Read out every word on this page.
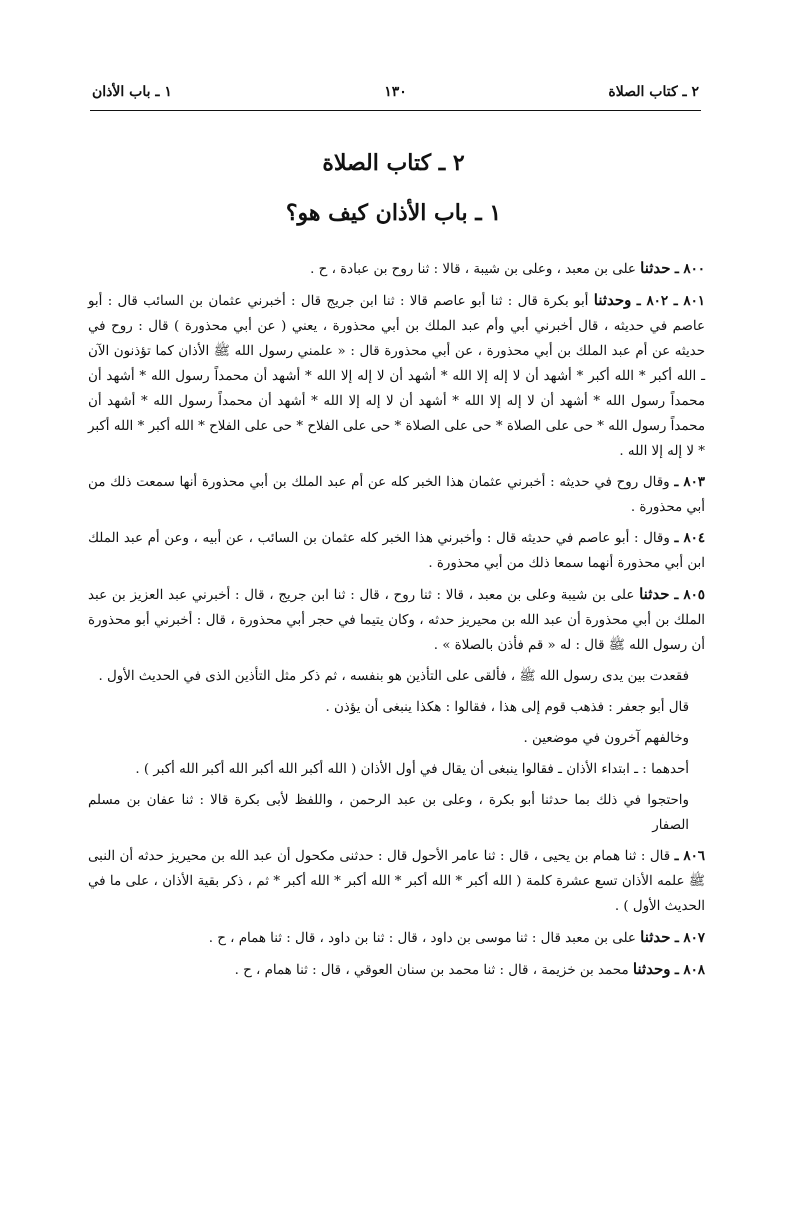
٢ ـ كتاب الصلاة
١٣٠
١ ـ باب الأذان
٢ ـ كتاب الصلاة
١ ـ باب الأذان كيف هو؟

٨٠٠ ـ حدثنا على بن معبد ، وعلى بن شيبة ، قالا : ثنا روح بن عبادة ، ح .

٨٠١ ـ ٨٠٢ ـ وحدثنا أبو بكرة قال : ثنا أبو عاصم قالا : ثنا ابن جريج قال : أخبرني عثمان بن السائب قال : أبو عاصم في حديثه ، قال أخبرني أبي وأم عبد الملك بن أبي محذورة ، يعني ( عن أبي محذورة ) قال : روح في حديثه عن أم عبد الملك بن أبي محذورة ، عن أبي محذورة قال : « علمني رسول الله ﷺ الأذان كما تؤذنون الآن ـ الله أكبر * الله أكبر * أشهد أن لا إله إلا الله * أشهد أن لا إله إلا الله * أشهد أن محمداً رسول الله * أشهد أن محمداً رسول الله * أشهد أن لا إله إلا الله * أشهد أن لا إله إلا الله * أشهد أن محمداً رسول الله * أشهد أن محمداً رسول الله * حى على الصلاة * حى على الصلاة * حى على الفلاح * حى على الفلاح * الله أكبر * الله أكبر * لا إله إلا الله .

٨٠٣ ـ وقال روح في حديثه : أخبرني عثمان هذا الخبر كله عن أم عبد الملك بن أبي محذورة أنها سمعت ذلك من أبي محذورة .

٨٠٤ ـ وقال : أبو عاصم في حديثه قال : وأخبرني هذا الخبر كله عثمان بن السائب ، عن أبيه ، وعن أم عبد الملك ابن أبي محذورة أنهما سمعا ذلك من أبي محذورة .

٨٠٥ ـ حدثنا على بن شيبة وعلى بن معبد ، قالا : ثنا روح ، قال : ثنا ابن جريج ، قال : أخبرني عبد العزيز بن عبد الملك بن أبي محذورة أن عبد الله بن محيريز حدثه ، وكان يتيما في حجر أبي محذورة ، قال : أخبرني أبو محذورة أن رسول الله ﷺ قال : له « قم فأذن بالصلاة » .

فقعدت بين يدى رسول الله ﷺ ، فألقى على التأذين هو بنفسه ، ثم ذكر مثل التأذين الذى في الحديث الأول .

قال أبو جعفر : فذهب قوم إلى هذا ، فقالوا : هكذا ينبغى أن يؤذن .

وخالفهم آخرون في موضعين .

أحدهما : ـ ابتداء الأذان ـ فقالوا ينبغى أن يقال في أول الأذان ( الله أكبر الله أكبر الله أكبر الله أكبر ) .

واحتجوا في ذلك بما حدثنا أبو بكرة ، وعلى بن عبد الرحمن ، واللفظ لأبى بكرة قالا : ثنا عفان بن مسلم الصفار

٨٠٦ ـ قال : ثنا همام بن يحيى ، قال : ثنا عامر الأحول قال : حدثنى مكحول أن عبد الله بن محيريز حدثه أن النبى ﷺ علمه الأذان تسع عشرة كلمة ( الله أكبر * الله أكبر * الله أكبر * الله أكبر * ثم ، ذكر بقية الأذان ، على ما في الحديث الأول ) .

٨٠٧ ـ حدثنا على بن معبد قال : ثنا موسى بن داود ، قال : ثنا بن داود ، قال : ثنا همام ، ح .

٨٠٨ ـ وحدثنا محمد بن خزيمة ، قال : ثنا محمد بن سنان العوقي ، قال : ثنا همام ، ح .
